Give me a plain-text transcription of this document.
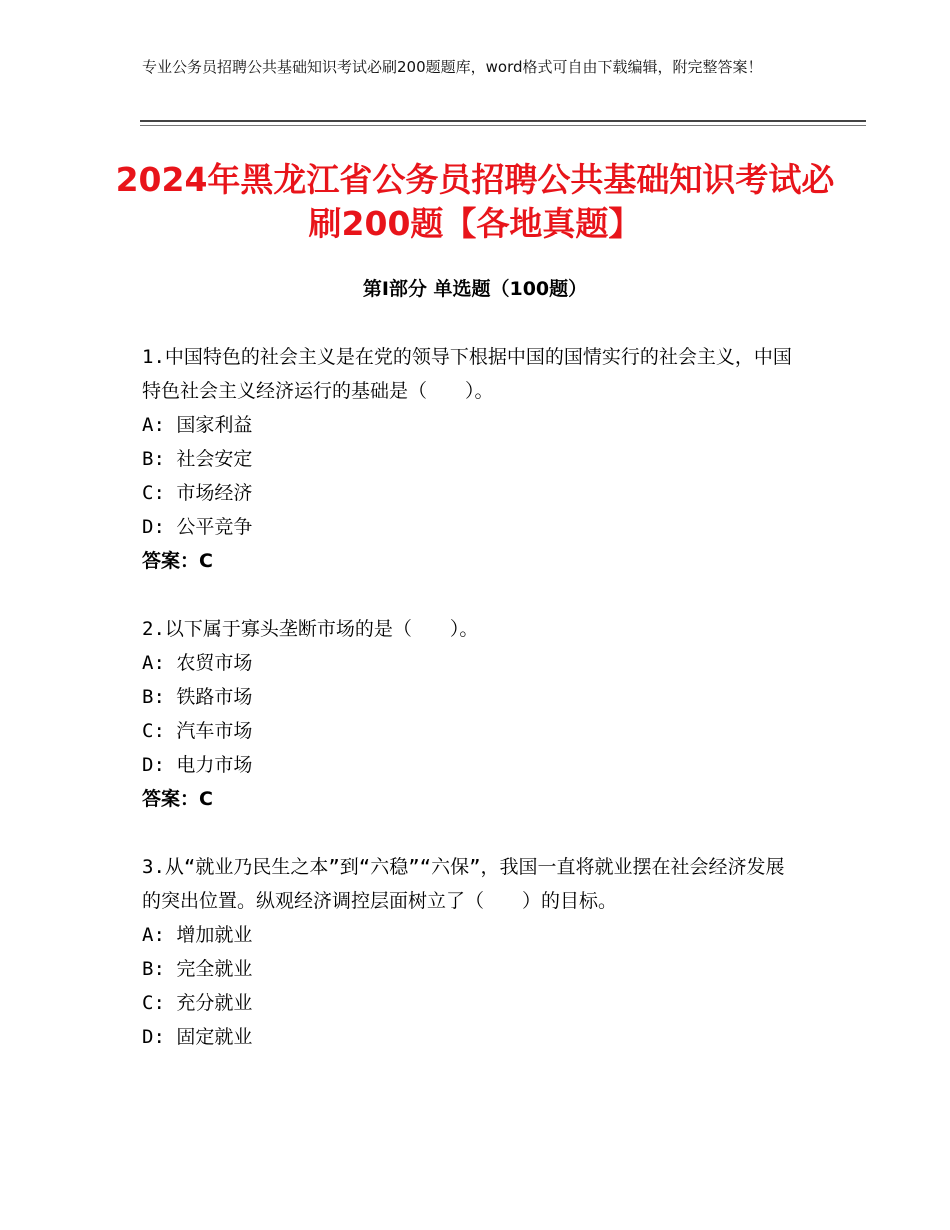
专业公务员招聘公共基础知识考试必刷200题题库，word格式可自由下载编辑，附完整答案！
2024年黑龙江省公务员招聘公共基础知识考试必刷200题【各地真题】
第Ⅰ部分 单选题（100题）

1.中国特色的社会主义是在党的领导下根据中国的国情实行的社会主义，中国特色社会主义经济运行的基础是（　　）。

A: 国家利益

B: 社会安定

C: 市场经济

D: 公平竞争

答案：C

2.以下属于寡头垄断市场的是（　　）。

A: 农贸市场

B: 铁路市场

C: 汽车市场

D: 电力市场

答案：C

3.从“就业乃民生之本”到“六稳”“六保”，我国一直将就业摆在社会经济发展的突出位置。纵观经济调控层面树立了（　　）的目标。

A: 增加就业

B: 完全就业

C: 充分就业

D: 固定就业
